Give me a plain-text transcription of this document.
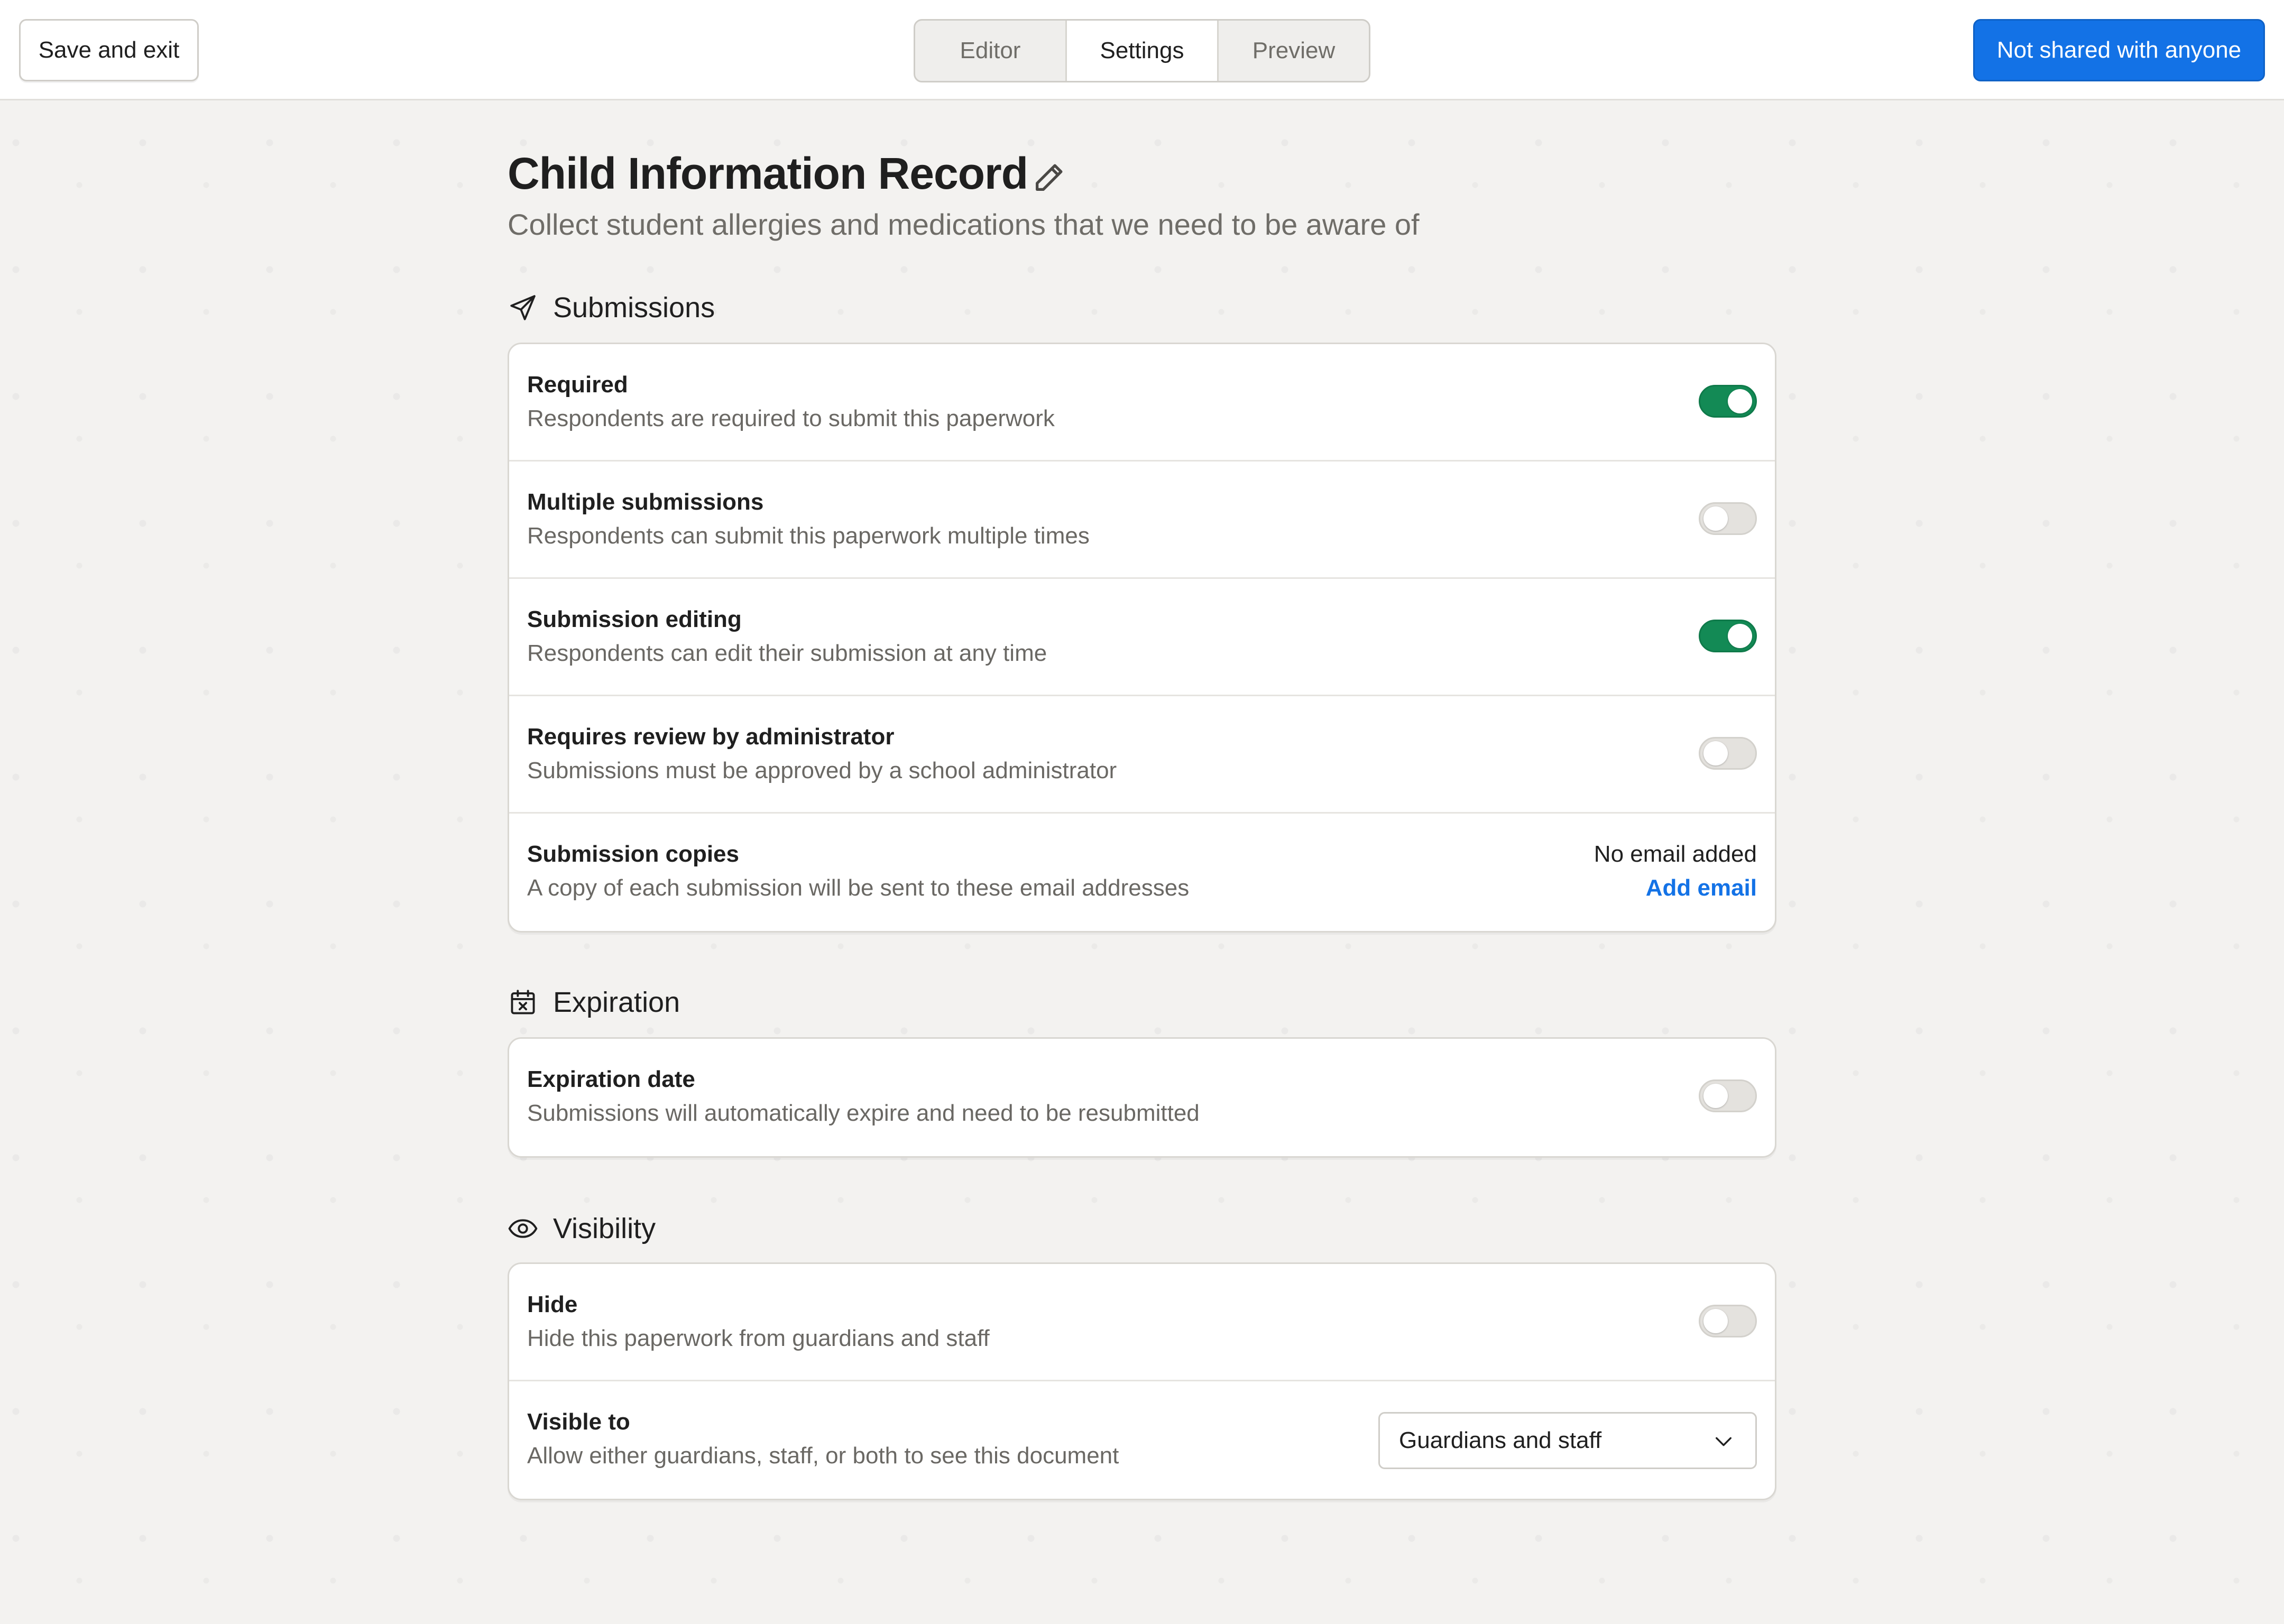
Save and exit	Editor	Settings	Preview	Not shared with anyone
Child Information Record
Collect student allergies and medications that we need to be aware of
Submissions
Required
Respondents are required to submit this paperwork
Multiple submissions
Respondents can submit this paperwork multiple times
Submission editing
Respondents can edit their submission at any time
Requires review by administrator
Submissions must be approved by a school administrator
Submission copies
A copy of each submission will be sent to these email addresses
No email added
Add email
Expiration
Expiration date
Submissions will automatically expire and need to be resubmitted
Visibility
Hide
Hide this paperwork from guardians and staff
Visible to
Allow either guardians, staff, or both to see this document
Guardians and staff
